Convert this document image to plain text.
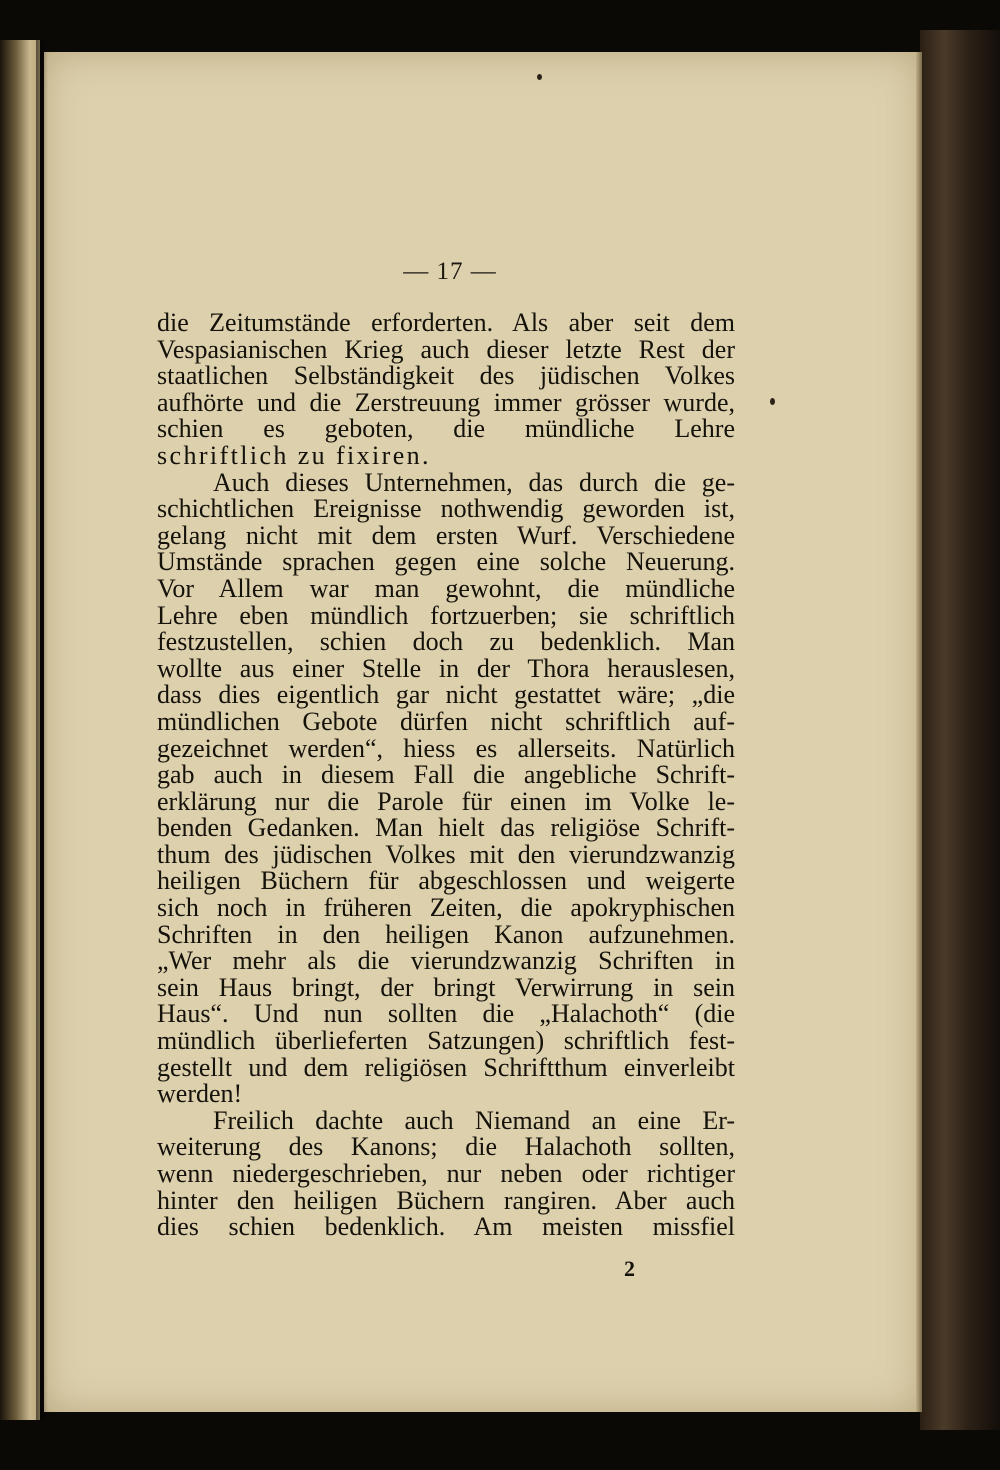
— 17 —
die Zeitumstände erforderten. Als aber seit dem
Vespasianischen Krieg auch dieser letzte Rest der
staatlichen Selbständigkeit des jüdischen Volkes
aufhörte und die Zerstreuung immer grösser wurde,
schien es geboten, die mündliche Lehre
schriftlich zu fixiren.
Auch dieses Unternehmen, das durch die ge-
schichtlichen Ereignisse nothwendig geworden ist,
gelang nicht mit dem ersten Wurf. Verschiedene
Umstände sprachen gegen eine solche Neuerung.
Vor Allem war man gewohnt, die mündliche
Lehre eben mündlich fortzuerben; sie schriftlich
festzustellen, schien doch zu bedenklich. Man
wollte aus einer Stelle in der Thora herauslesen,
dass dies eigentlich gar nicht gestattet wäre; „die
mündlichen Gebote dürfen nicht schriftlich auf-
gezeichnet werden“, hiess es allerseits. Natürlich
gab auch in diesem Fall die angebliche Schrift-
erklärung nur die Parole für einen im Volke le-
benden Gedanken. Man hielt das religiöse Schrift-
thum des jüdischen Volkes mit den vierundzwanzig
heiligen Büchern für abgeschlossen und weigerte
sich noch in früheren Zeiten, die apokryphischen
Schriften in den heiligen Kanon aufzunehmen.
„Wer mehr als die vierundzwanzig Schriften in
sein Haus bringt, der bringt Verwirrung in sein
Haus“. Und nun sollten die „Halachoth“ (die
mündlich überlieferten Satzungen) schriftlich fest-
gestellt und dem religiösen Schriftthum einverleibt
werden!
Freilich dachte auch Niemand an eine Er-
weiterung des Kanons; die Halachoth sollten,
wenn niedergeschrieben, nur neben oder richtiger
hinter den heiligen Büchern rangiren. Aber auch
dies schien bedenklich. Am meisten missfiel
2
